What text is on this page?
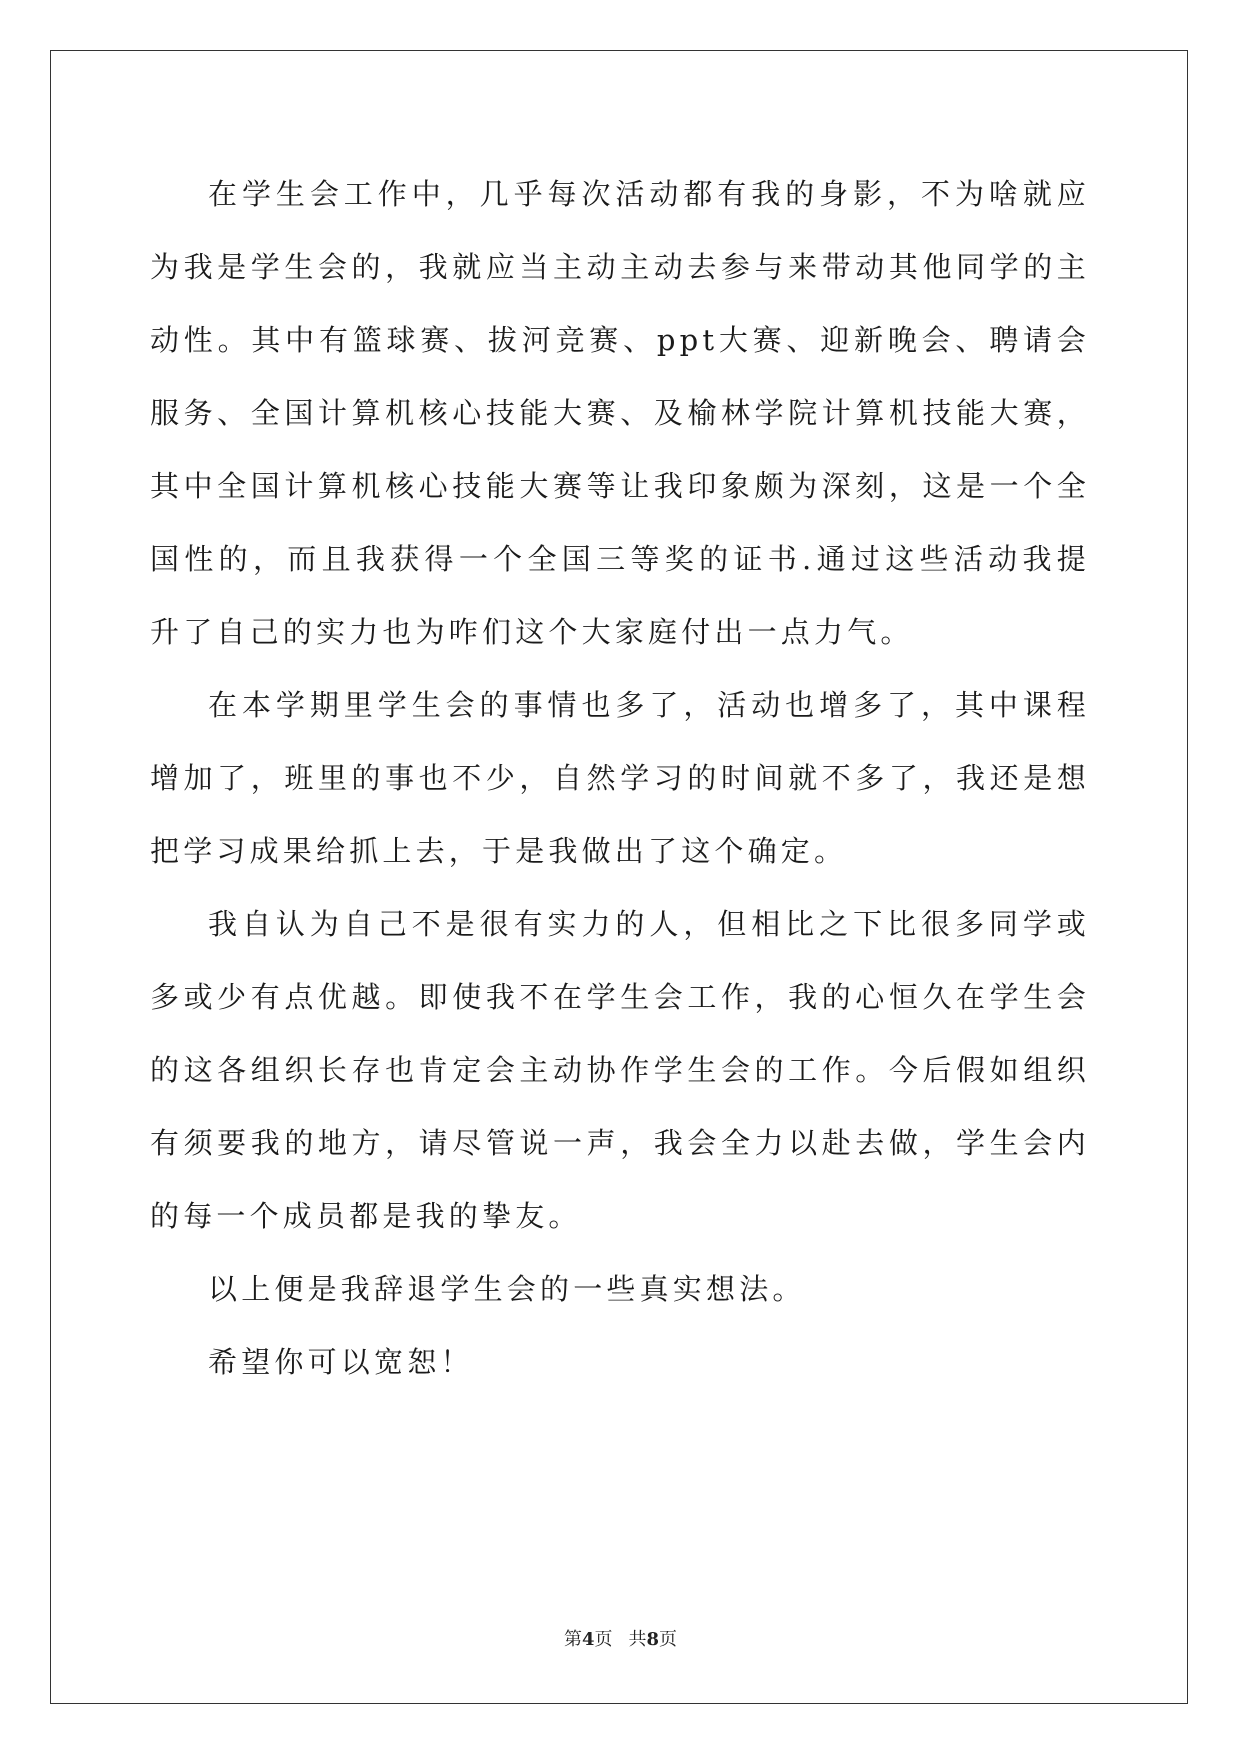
在学生会工作中，几乎每次活动都有我的身影，不为啥就应为我是学生会的，我就应当主动主动去参与来带动其他同学的主动性。其中有篮球赛、拔河竞赛、ppt大赛、迎新晚会、聘请会服务、全国计算机核心技能大赛、及榆林学院计算机技能大赛，其中全国计算机核心技能大赛等让我印象颇为深刻，这是一个全国性的，而且我获得一个全国三等奖的证书.通过这些活动我提升了自己的实力也为咋们这个大家庭付出一点力气。

在本学期里学生会的事情也多了，活动也增多了，其中课程增加了，班里的事也不少，自然学习的时间就不多了，我还是想把学习成果给抓上去，于是我做出了这个确定。

我自认为自己不是很有实力的人，但相比之下比很多同学或多或少有点优越。即使我不在学生会工作，我的心恒久在学生会的这各组织长存也肯定会主动协作学生会的工作。今后假如组织有须要我的地方，请尽管说一声，我会全力以赴去做，学生会内的每一个成员都是我的挚友。

以上便是我辞退学生会的一些真实想法。

希望你可以宽恕！

第4页 共8页
